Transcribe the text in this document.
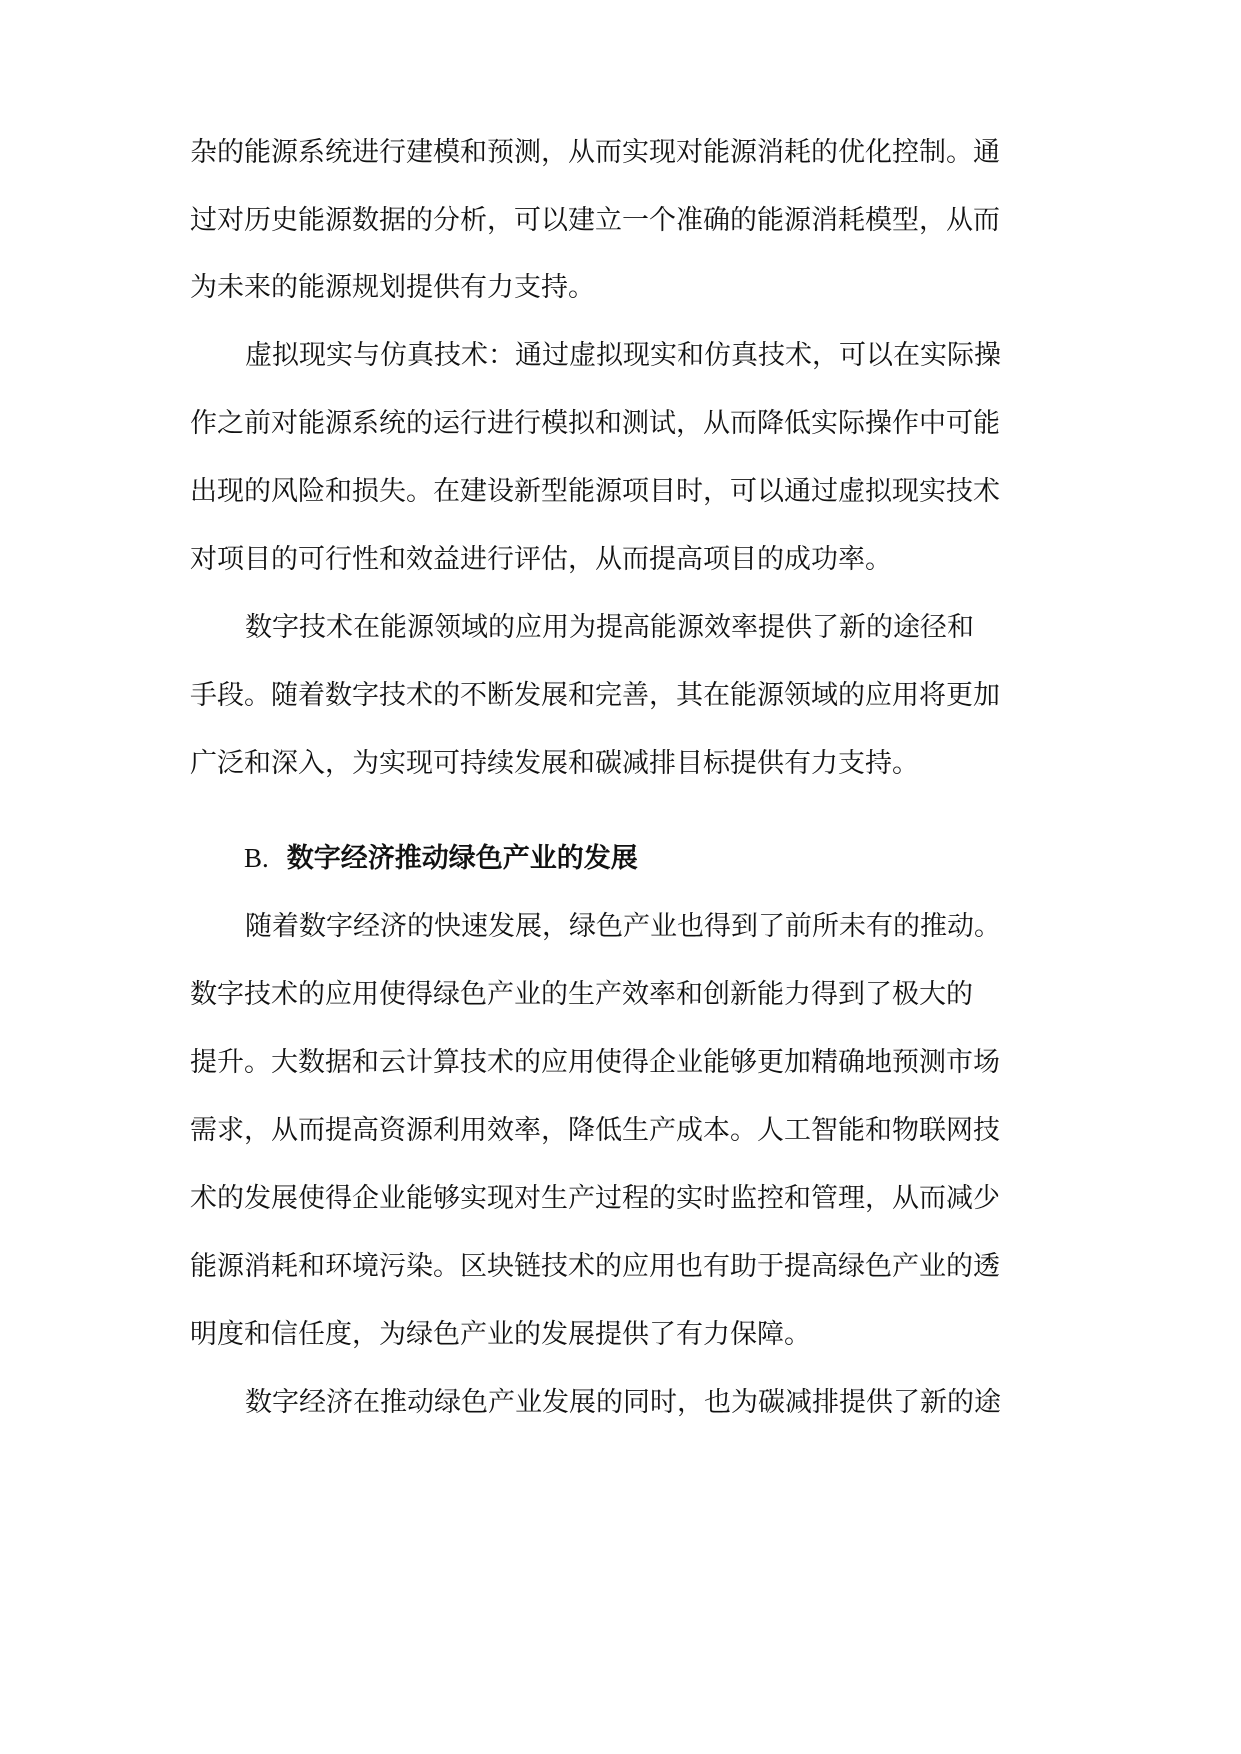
杂的能源系统进行建模和预测，从而实现对能源消耗的优化控制。通
过对历史能源数据的分析，可以建立一个准确的能源消耗模型，从而
为未来的能源规划提供有力支持。
虚拟现实与仿真技术：通过虚拟现实和仿真技术，可以在实际操
作之前对能源系统的运行进行模拟和测试，从而降低实际操作中可能
出现的风险和损失。在建设新型能源项目时，可以通过虚拟现实技术
对项目的可行性和效益进行评估，从而提高项目的成功率。
数字技术在能源领域的应用为提高能源效率提供了新的途径和
手段。随着数字技术的不断发展和完善，其在能源领域的应用将更加
广泛和深入，为实现可持续发展和碳减排目标提供有力支持。
B. 数字经济推动绿色产业的发展
随着数字经济的快速发展，绿色产业也得到了前所未有的推动。
数字技术的应用使得绿色产业的生产效率和创新能力得到了极大的
提升。大数据和云计算技术的应用使得企业能够更加精确地预测市场
需求，从而提高资源利用效率，降低生产成本。人工智能和物联网技
术的发展使得企业能够实现对生产过程的实时监控和管理，从而减少
能源消耗和环境污染。区块链技术的应用也有助于提高绿色产业的透
明度和信任度，为绿色产业的发展提供了有力保障。
数字经济在推动绿色产业发展的同时，也为碳减排提供了新的途
